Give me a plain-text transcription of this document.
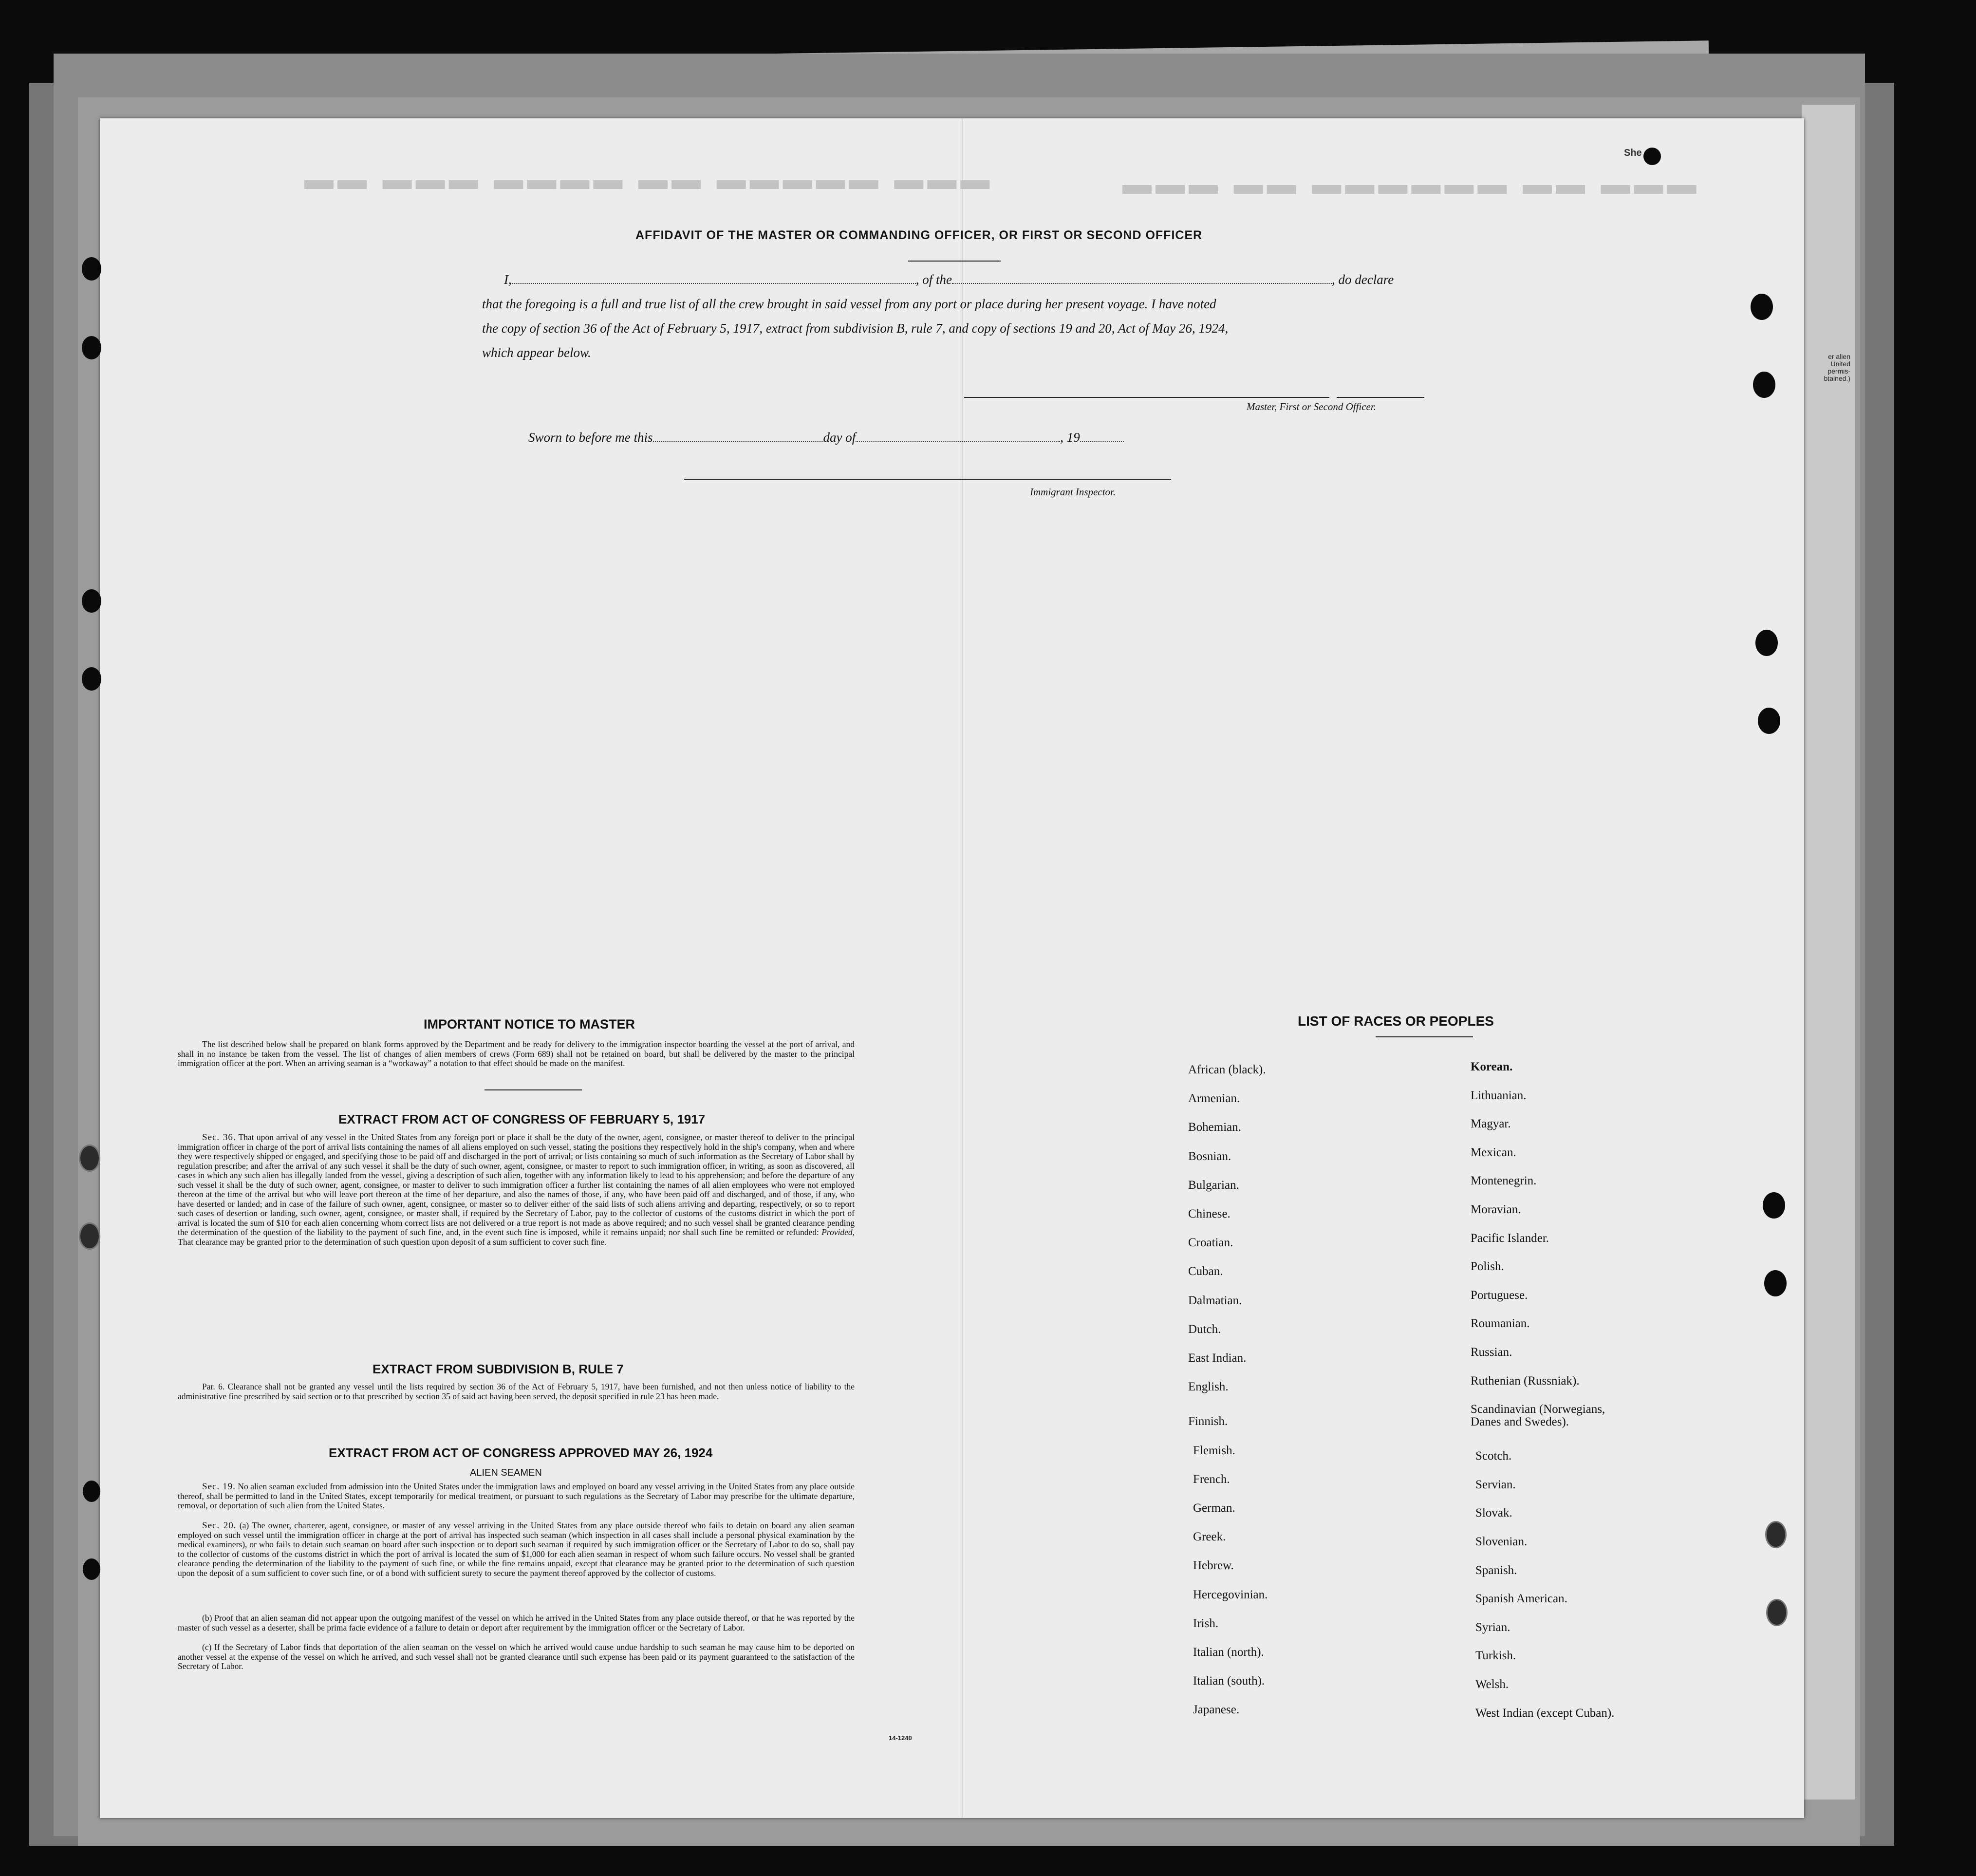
▬▬ ▬▬▬ ▬▬▬▬ ▬▬ ▬▬▬▬▬ ▬▬▬	▬▬▬ ▬▬ ▬▬▬▬▬▬ ▬▬ ▬▬▬
She
AFFIDAVIT OF THE MASTER OR COMMANDING OFFICER, OR FIRST OR SECOND OFFICER
I,	, of the	, do declare
that the foregoing is a full and true list of all the crew brought in said vessel from any port or place during her present voyage. I have noted
the copy of section 36 of the Act of February 5, 1917, extract from subdivision B, rule 7, and copy of sections 19 and 20, Act of May 26, 1924,
which appear below.
Master, First or Second Officer.
Sworn to before me this	day of	, 19
Immigrant Inspector.
IMPORTANT NOTICE TO MASTER
The list described below shall be prepared on blank forms approved by the Department and be ready for delivery to the immigration inspector boarding the vessel at the port of arrival, and shall in no instance be taken from the vessel. The list of changes of alien members of crews (Form 689) shall not be retained on board, but shall be delivered by the master to the principal immigration officer at the port. When an arriving seaman is a “workaway” a notation to that effect should be made on the manifest.
EXTRACT FROM ACT OF CONGRESS OF FEBRUARY 5, 1917
Sec. 36. That upon arrival of any vessel in the United States from any foreign port or place it shall be the duty of the owner, agent, consignee, or master thereof to deliver to the principal immigration officer in charge of the port of arrival lists containing the names of all aliens employed on such vessel, stating the positions they respectively hold in the ship's company, when and where they were respectively shipped or engaged, and specifying those to be paid off and discharged in the port of arrival; or lists containing so much of such information as the Secretary of Labor shall by regulation prescribe; and after the arrival of any such vessel it shall be the duty of such owner, agent, consignee, or master to report to such immigration officer, in writing, as soon as discovered, all cases in which any such alien has illegally landed from the vessel, giving a description of such alien, together with any information likely to lead to his apprehension; and before the departure of any such vessel it shall be the duty of such owner, agent, consignee, or master to deliver to such immigration officer a further list containing the names of all alien employees who were not employed thereon at the time of the arrival but who will leave port thereon at the time of her departure, and also the names of those, if any, who have been paid off and discharged, and of those, if any, who have deserted or landed; and in case of the failure of such owner, agent, consignee, or master so to deliver either of the said lists of such aliens arriving and departing, respectively, or so to report such cases of desertion or landing, such owner, agent, consignee, or master shall, if required by the Secretary of Labor, pay to the collector of customs of the customs district in which the port of arrival is located the sum of $10 for each alien concerning whom correct lists are not delivered or a true report is not made as above required; and no such vessel shall be granted clearance pending the determination of the question of the liability to the payment of such fine, and, in the event such fine is imposed, while it remains unpaid; nor shall such fine be remitted or refunded: Provided, That clearance may be granted prior to the determination of such question upon deposit of a sum sufficient to cover such fine.
EXTRACT FROM SUBDIVISION B, RULE 7
Par. 6. Clearance shall not be granted any vessel until the lists required by section 36 of the Act of February 5, 1917, have been furnished, and not then unless notice of liability to the administrative fine prescribed by said section or to that prescribed by section 35 of said act having been served, the deposit specified in rule 23 has been made.
EXTRACT FROM ACT OF CONGRESS APPROVED MAY 26, 1924
ALIEN SEAMEN
Sec. 19. No alien seaman excluded from admission into the United States under the immigration laws and employed on board any vessel arriving in the United States from any place outside thereof, shall be permitted to land in the United States, except temporarily for medical treatment, or pursuant to such regulations as the Secretary of Labor may prescribe for the ultimate departure, removal, or deportation of such alien from the United States.
Sec. 20. (a) The owner, charterer, agent, consignee, or master of any vessel arriving in the United States from any place outside thereof who fails to detain on board any alien seaman employed on such vessel until the immigration officer in charge at the port of arrival has inspected such seaman (which inspection in all cases shall include a personal physical examination by the medical examiners), or who fails to detain such seaman on board after such inspection or to deport such seaman if required by such immigration officer or the Secretary of Labor to do so, shall pay to the collector of customs of the customs district in which the port of arrival is located the sum of $1,000 for each alien seaman in respect of whom such failure occurs. No vessel shall be granted clearance pending the determination of the liability to the payment of such fine, or while the fine remains unpaid, except that clearance may be granted prior to the determination of such question upon the deposit of a sum sufficient to cover such fine, or of a bond with sufficient surety to secure the payment thereof approved by the collector of customs.
(b) Proof that an alien seaman did not appear upon the outgoing manifest of the vessel on which he arrived in the United States from any place outside thereof, or that he was reported by the master of such vessel as a deserter, shall be prima facie evidence of a failure to detain or deport after requirement by the immigration officer or the Secretary of Labor.
(c) If the Secretary of Labor finds that deportation of the alien seaman on the vessel on which he arrived would cause undue hardship to such seaman he may cause him to be deported on another vessel at the expense of the vessel on which he arrived, and such vessel shall not be granted clearance until such expense has been paid or its payment guaranteed to the satisfaction of the Secretary of Labor.
14-1240
LIST OF RACES OR PEOPLES
African (black).
Armenian.
Bohemian.
Bosnian.
Bulgarian.
Chinese.
Croatian.
Cuban.
Dalmatian.
Dutch.
East Indian.
English.
Finnish.
Flemish.
French.
German.
Greek.
Hebrew.
Hercegovinian.
Irish.
Italian (north).
Italian (south).
Japanese.
Korean.
Lithuanian.
Magyar.
Mexican.
Montenegrin.
Moravian.
Pacific Islander.
Polish.
Portuguese.
Roumanian.
Russian.
Ruthenian (Russniak).
Scandinavian (Norwegians,
Danes and Swedes).
Scotch.
Servian.
Slovak.
Slovenian.
Spanish.
Spanish American.
Syrian.
Turkish.
Welsh.
West Indian (except Cuban).
er alien
United
permis-
btained.)
